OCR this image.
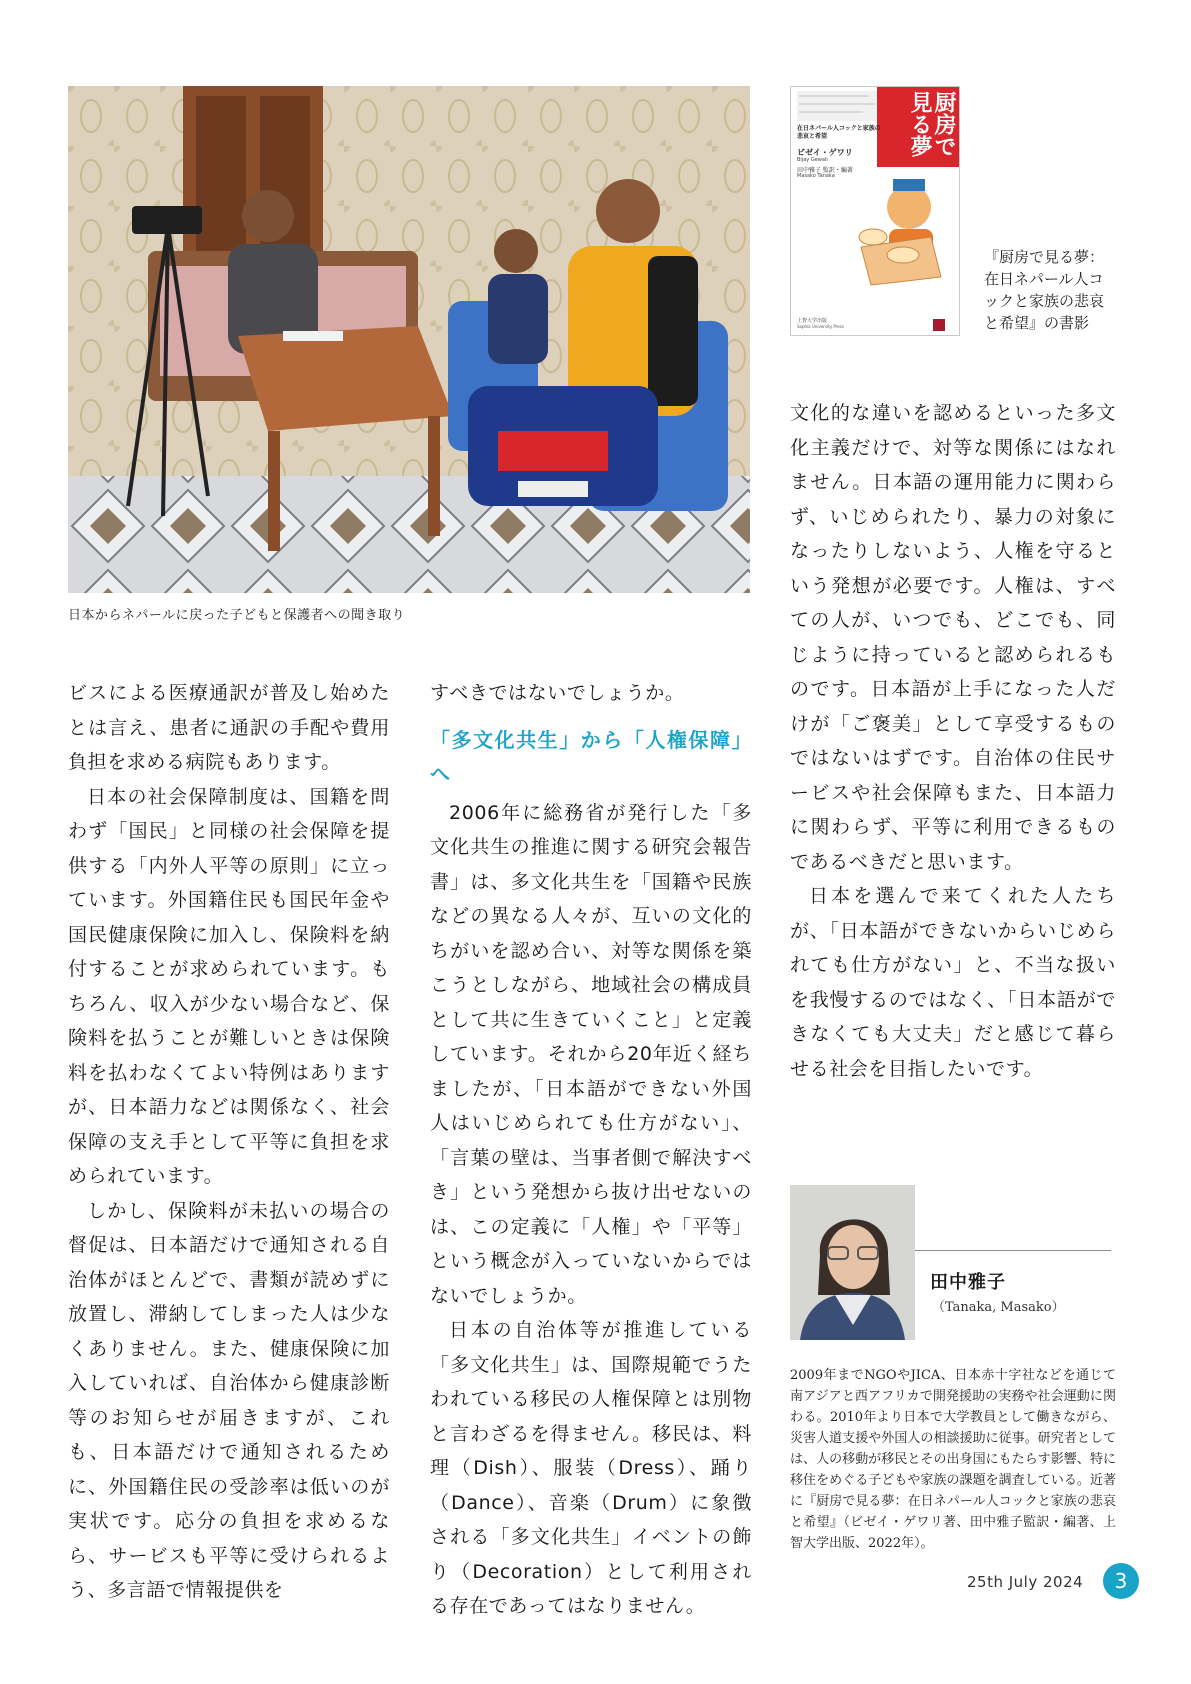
日本からネパールに戻った子どもと保護者への聞き取り
厨房で見る夢
在日ネパール人コックと家族の悲哀と希望
ビゼイ・ゲワリ
Bijay Gewali
田中雅子 監訳・編著
Masako Tanaka
上智大学出版
Sophia University Press
『厨房で見る夢：在日ネパール人コックと家族の悲哀と希望』の書影

ビスによる医療通訳が普及し始めたとは言え、患者に通訳の手配や費用負担を求める病院もあります。

日本の社会保障制度は、国籍を問わず「国民」と同様の社会保障を提供する「内外人平等の原則」に立っています。外国籍住民も国民年金や国民健康保険に加入し、保険料を納付することが求められています。もちろん、収入が少ない場合など、保険料を払うことが難しいときは保険料を払わなくてよい特例はありますが、日本語力などは関係なく、社会保障の支え手として平等に負担を求められています。

しかし、保険料が未払いの場合の督促は、日本語だけで通知される自治体がほとんどで、書類が読めずに放置し、滞納してしまった人は少なくありません。また、健康保険に加入していれば、自治体から健康診断等のお知らせが届きますが、これも、日本語だけで通知されるために、外国籍住民の受診率は低いのが実状です。応分の負担を求めるなら、サービスも平等に受けられるよう、多言語で情報提供を

すべきではないでしょうか。

「多文化共生」から「人権保障」へ

2006年に総務省が発行した「多文化共生の推進に関する研究会報告書」は、多文化共生を「国籍や民族などの異なる人々が、互いの文化的ちがいを認め合い、対等な関係を築こうとしながら、地域社会の構成員として共に生きていくこと」と定義しています。それから20年近く経ちましたが、「日本語ができない外国人はいじめられても仕方がない」、「言葉の壁は、当事者側で解決すべき」という発想から抜け出せないのは、この定義に「人権」や「平等」という概念が入っていないからではないでしょうか。

日本の自治体等が推進している「多文化共生」は、国際規範でうたわれている移民の人権保障とは別物と言わざるを得ません。移民は、料理（Dish）、服装（Dress）、踊り（Dance）、音楽（Drum）に象徴される「多文化共生」イベントの飾り（Decoration）として利用される存在であってはなりません。

文化的な違いを認めるといった多文化主義だけで、対等な関係にはなれません。日本語の運用能力に関わらず、いじめられたり、暴力の対象になったりしないよう、人権を守るという発想が必要です。人権は、すべての人が、いつでも、どこでも、同じように持っていると認められるものです。日本語が上手になった人だけが「ご褒美」として享受するものではないはずです。自治体の住民サービスや社会保障もまた、日本語力に関わらず、平等に利用できるものであるべきだと思います。

日本を選んで来てくれた人たちが、「日本語ができないからいじめられても仕方がない」と、不当な扱いを我慢するのではなく、「日本語ができなくても大丈夫」だと感じて暮らせる社会を目指したいです。

田中雅子
（Tanaka, Masako）
2009年までNGOやJICA、日本赤十字社などを通じて南アジアと西アフリカで開発援助の実務や社会運動に関わる。2010年より日本で大学教員として働きながら、災害人道支援や外国人の相談援助に従事。研究者としては、人の移動が移民とその出身国にもたらす影響、特に移住をめぐる子どもや家族の課題を調査している。近著に『厨房で見る夢：在日ネパール人コックと家族の悲哀と希望』（ビゼイ・ゲワリ著、田中雅子監訳・編著、上智大学出版、2022年）。
25th July 2024	3
